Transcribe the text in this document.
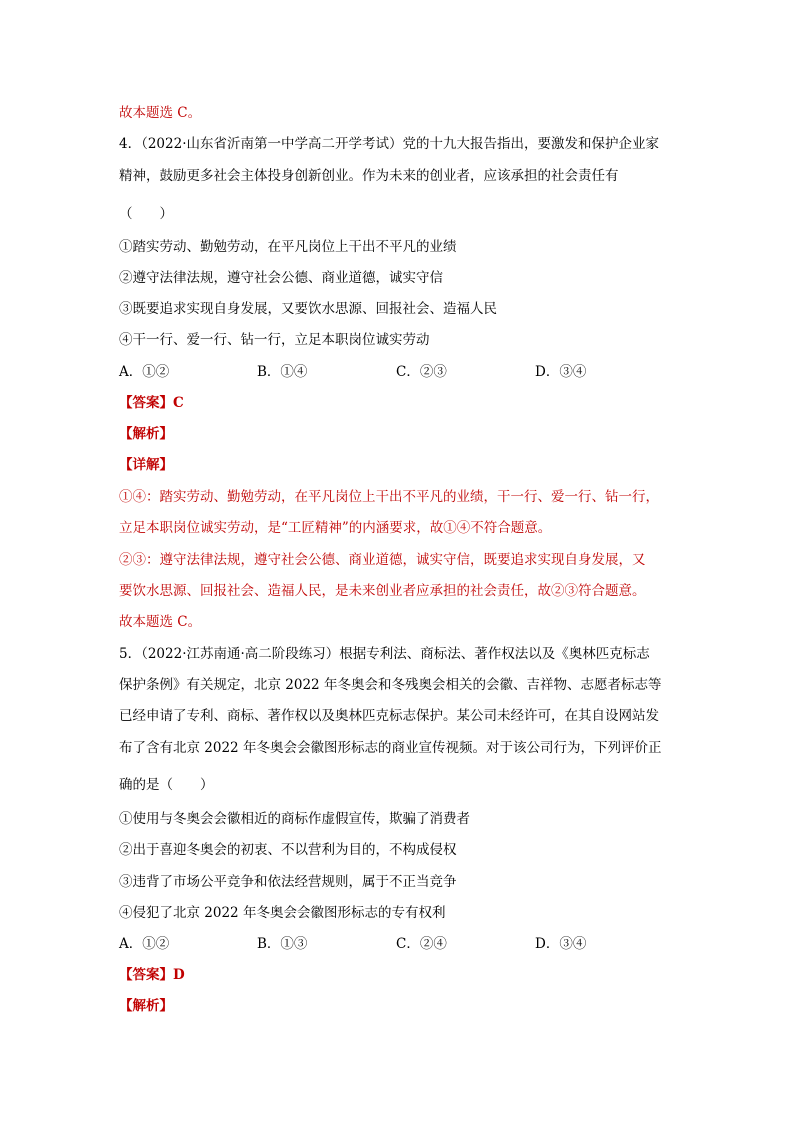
故本题选 C。
4．（2022·山东省沂南第一中学高二开学考试）党的十九大报告指出，要激发和保护企业家
精神，鼓励更多社会主体投身创新创业。作为未来的创业者，应该承担的社会责任有
（　　）
①踏实劳动、勤勉劳动，在平凡岗位上干出不平凡的业绩
②遵守法律法规，遵守社会公德、商业道德，诚实守信
③既要追求实现自身发展，又要饮水思源、回报社会、造福人民
④干一行、爱一行、钻一行，立足本职岗位诚实劳动
A．①②	B．①④	C．②③	D．③④
【答案】C
【解析】
【详解】
①④：踏实劳动、勤勉劳动，在平凡岗位上干出不平凡的业绩，干一行、爱一行、钻一行，
立足本职岗位诚实劳动，是“工匠精神”的内涵要求，故①④不符合题意。
②③：遵守法律法规，遵守社会公德、商业道德，诚实守信，既要追求实现自身发展，又
要饮水思源、回报社会、造福人民，是未来创业者应承担的社会责任，故②③符合题意。
故本题选 C。
5．（2022·江苏南通·高二阶段练习）根据专利法、商标法、著作权法以及《奥林匹克标志
保护条例》有关规定，北京 2022 年冬奥会和冬残奥会相关的会徽、吉祥物、志愿者标志等
已经申请了专利、商标、著作权以及奥林匹克标志保护。某公司未经许可，在其自设网站发
布了含有北京 2022 年冬奥会会徽图形标志的商业宣传视频。对于该公司行为，下列评价正
确的是（　　）
①使用与冬奥会会徽相近的商标作虚假宣传，欺骗了消费者
②出于喜迎冬奥会的初衷、不以营利为目的，不构成侵权
③违背了市场公平竞争和依法经营规则，属于不正当竞争
④侵犯了北京 2022 年冬奥会会徽图形标志的专有权利
A．①②	B．①③	C．②④	D．③④
【答案】D
【解析】
